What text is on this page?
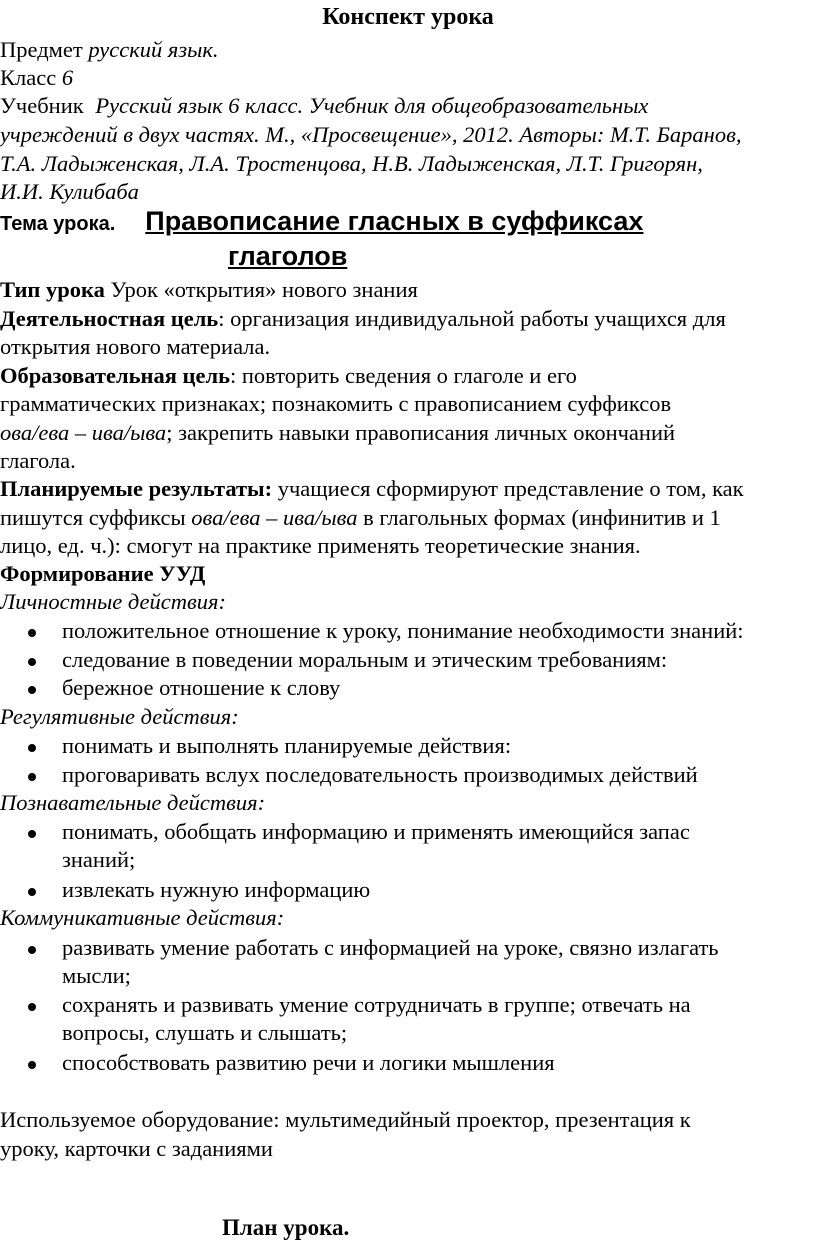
Конспект урока
Предмет русский язык.
Класс 6
Учебник Русский язык 6 класс. Учебник для общеобразовательных
учреждений в двух частях. М., «Просвещение», 2012. Авторы: М.Т. Баранов,
Т.А. Ладыженская, Л.А. Тростенцова, Н.В. Ладыженская, Л.Т. Григорян,
И.И. Кулибаба
Тема урока. Правописание гласных в суффиксах
глаголов
Тип урока Урок «открытия» нового знания
Деятельностная цель: организация индивидуальной работы учащихся для
открытия нового материала.
Образовательная цель: повторить сведения о глаголе и его
грамматических признаках; познакомить с правописанием суффиксов
ова/ева – ива/ыва; закрепить навыки правописания личных окончаний
глагола.
Планируемые результаты: учащиеся сформируют представление о том, как
пишутся суффиксы ова/ева – ива/ыва в глагольных формах (инфинитив и 1
лицо, ед. ч.): смогут на практике применять теоретические знания.
Формирование УУД
Личностные действия:
положительное отношение к уроку, понимание необходимости знаний:
следование в поведении моральным и этическим требованиям:
бережное отношение к слову
Регулятивные действия:
понимать и выполнять планируемые действия:
проговаривать вслух последовательность производимых действий
Познавательные действия:
понимать, обобщать информацию и применять имеющийся запас
знаний;
извлекать нужную информацию
Коммуникативные действия:
развивать умение работать с информацией на уроке, связно излагать
мысли;
сохранять и развивать умение сотрудничать в группе; отвечать на
вопросы, слушать и слышать;
способствовать развитию речи и логики мышления
Используемое оборудование: мультимедийный проектор, презентация к
уроку, карточки с заданиями
План урока.
